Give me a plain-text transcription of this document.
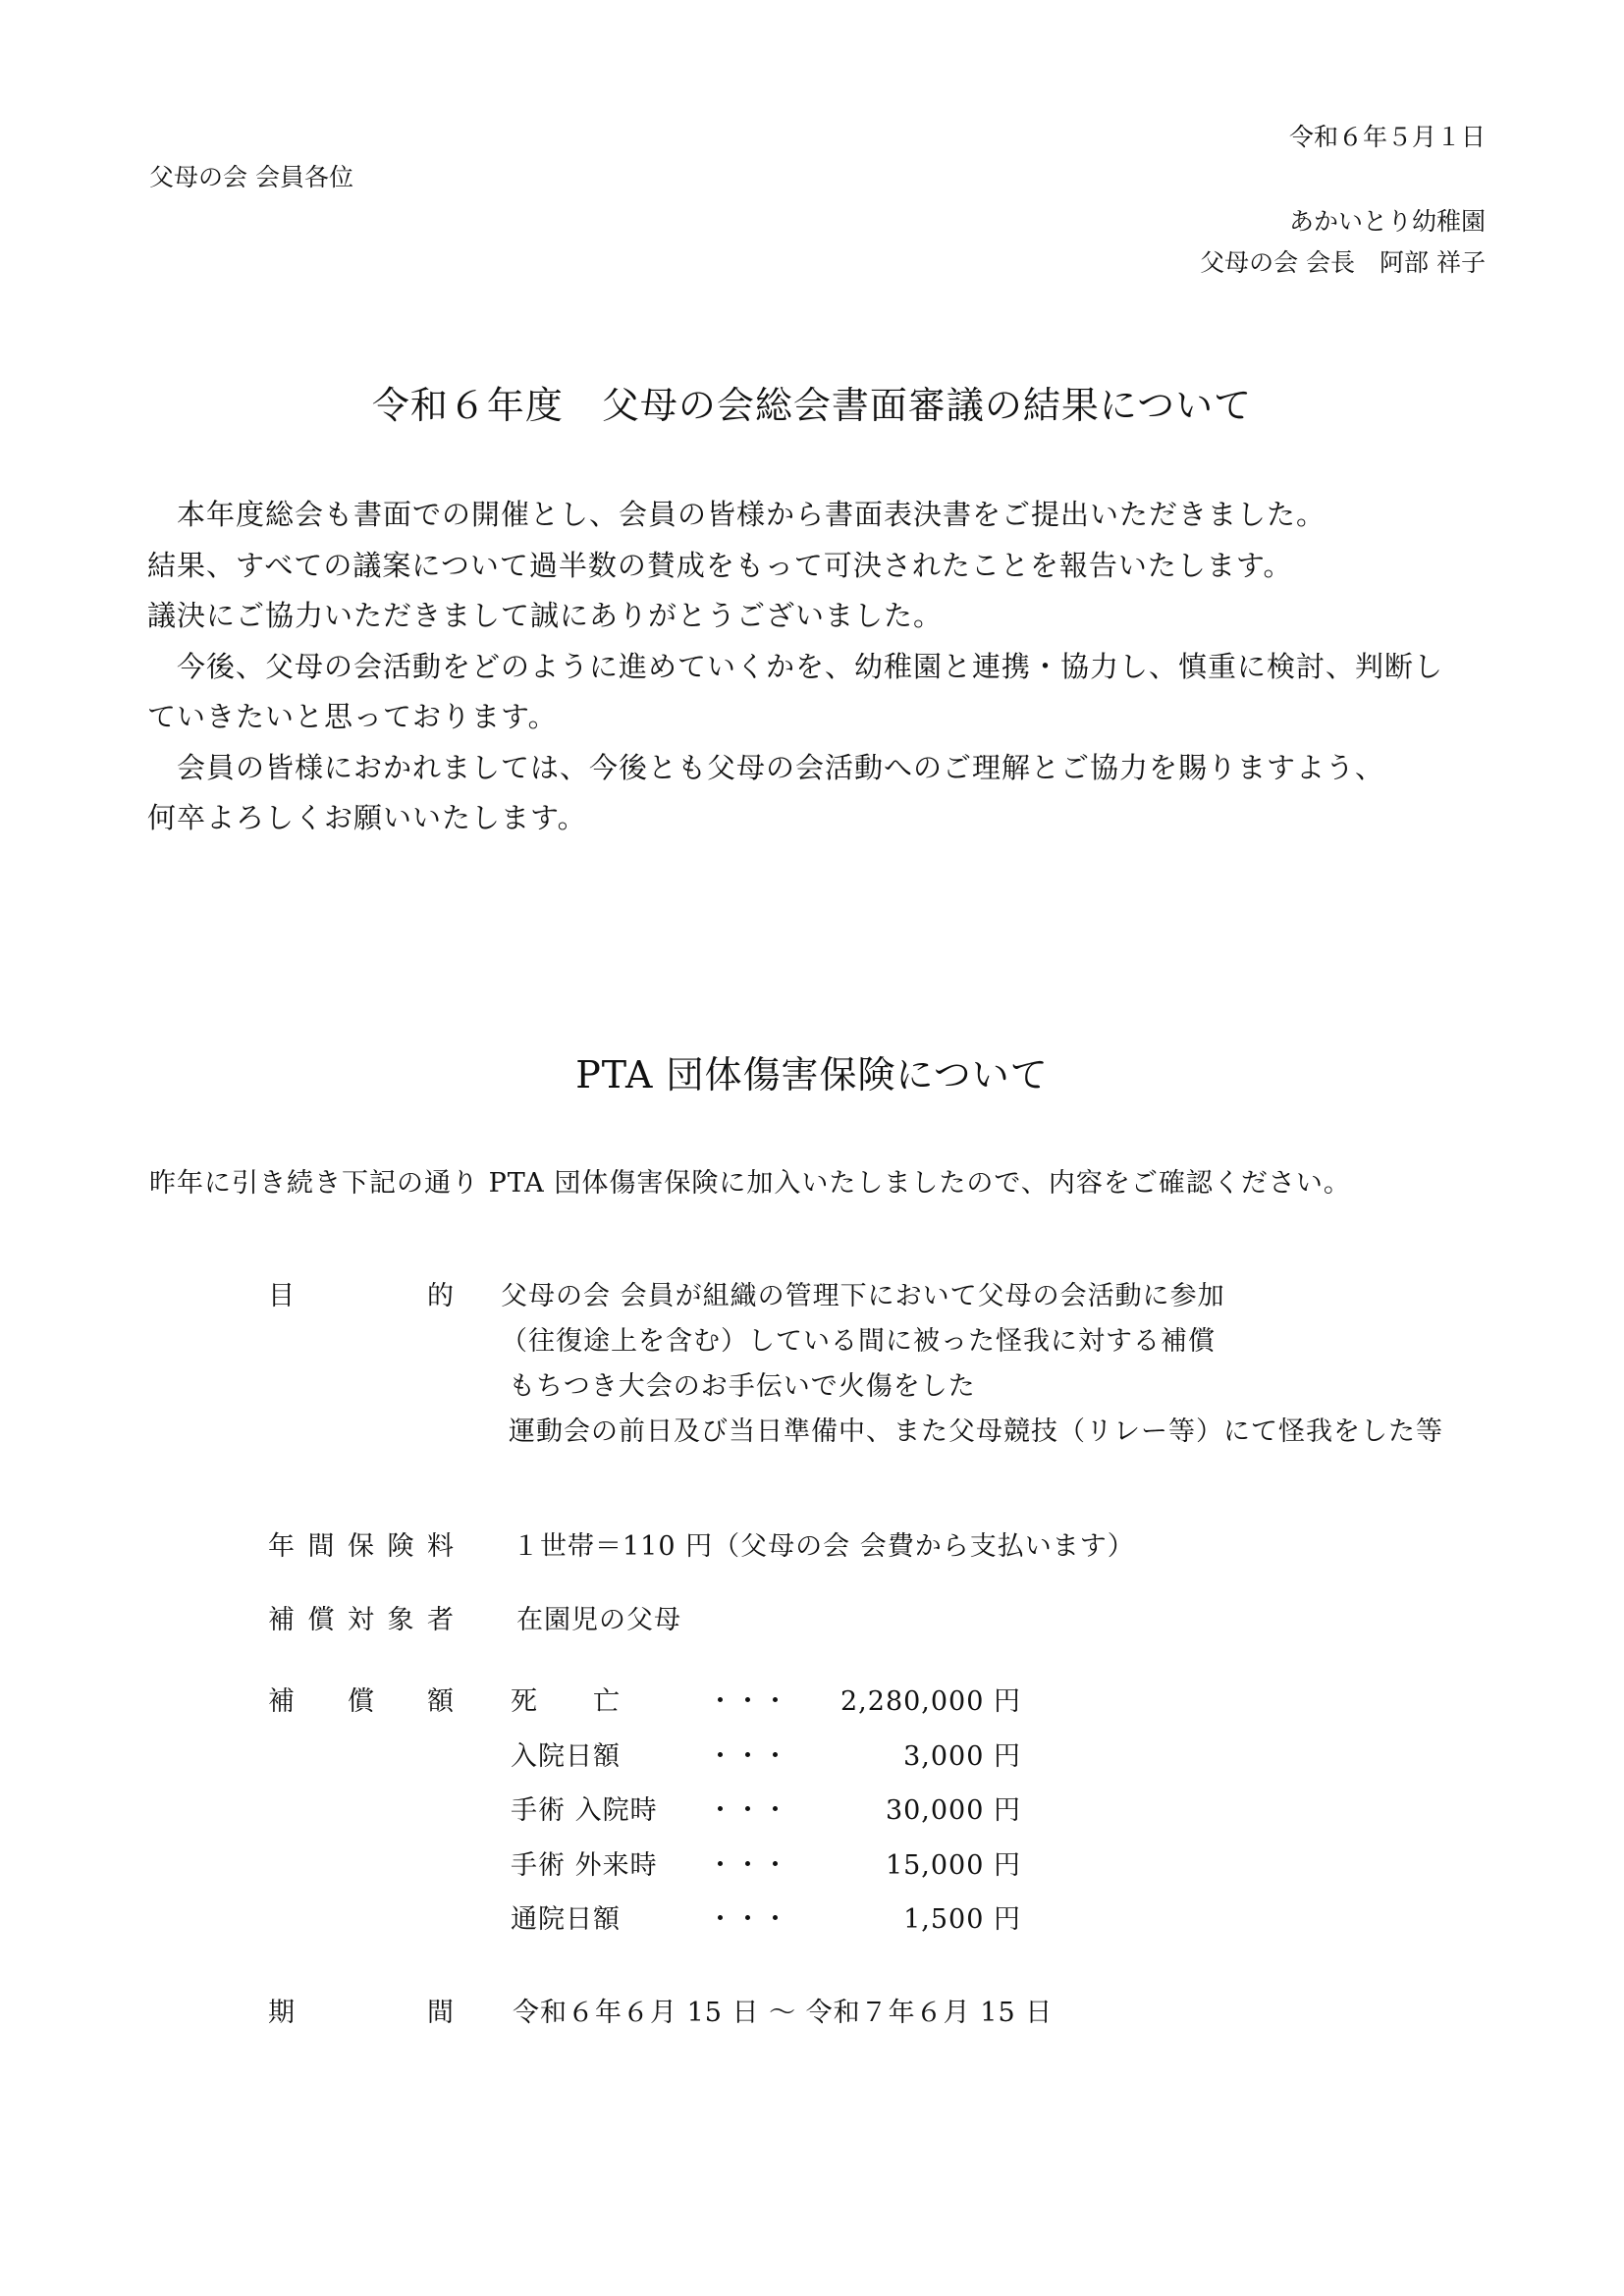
令和６年５月１日
父母の会 会員各位
あかいとり幼稚園
父母の会 会長　阿部 祥子
令和６年度　父母の会総会書面審議の結果について
　本年度総会も書面での開催とし、会員の皆様から書面表決書をご提出いただきました。
結果、すべての議案について過半数の賛成をもって可決されたことを報告いたします。
議決にご協力いただきまして誠にありがとうございました。
　今後、父母の会活動をどのように進めていくかを、幼稚園と連携・協力し、慎重に検討、判断し
ていきたいと思っております。
　会員の皆様におかれましては、今後とも父母の会活動へのご理解とご協力を賜りますよう、
何卒よろしくお願いいたします。
PTA 団体傷害保険について
昨年に引き続き下記の通り PTA 団体傷害保険に加入いたしましたので、内容をご確認ください。
目	的 父母の会 会員が組織の管理下において父母の会活動に参加
（往復途上を含む）している間に被った怪我に対する補償
もちつき大会のお手伝いで火傷をした
運動会の前日及び当日準備中、また父母競技（リレー等）にて怪我をした等
年 間 保 険 料 １世帯＝110 円（父母の会 会費から支払います）
補 償 対 象 者 在園児の父母
補 償 額 死　　亡	・・・ 2,280,000 円
入院日額	・・・	3,000 円
手術 入院時 ・・・	30,000 円
手術 外来時 ・・・	15,000 円
通院日額	・・・	1,500 円
期	間 令和６年６月 15 日 ～ 令和７年６月 15 日
